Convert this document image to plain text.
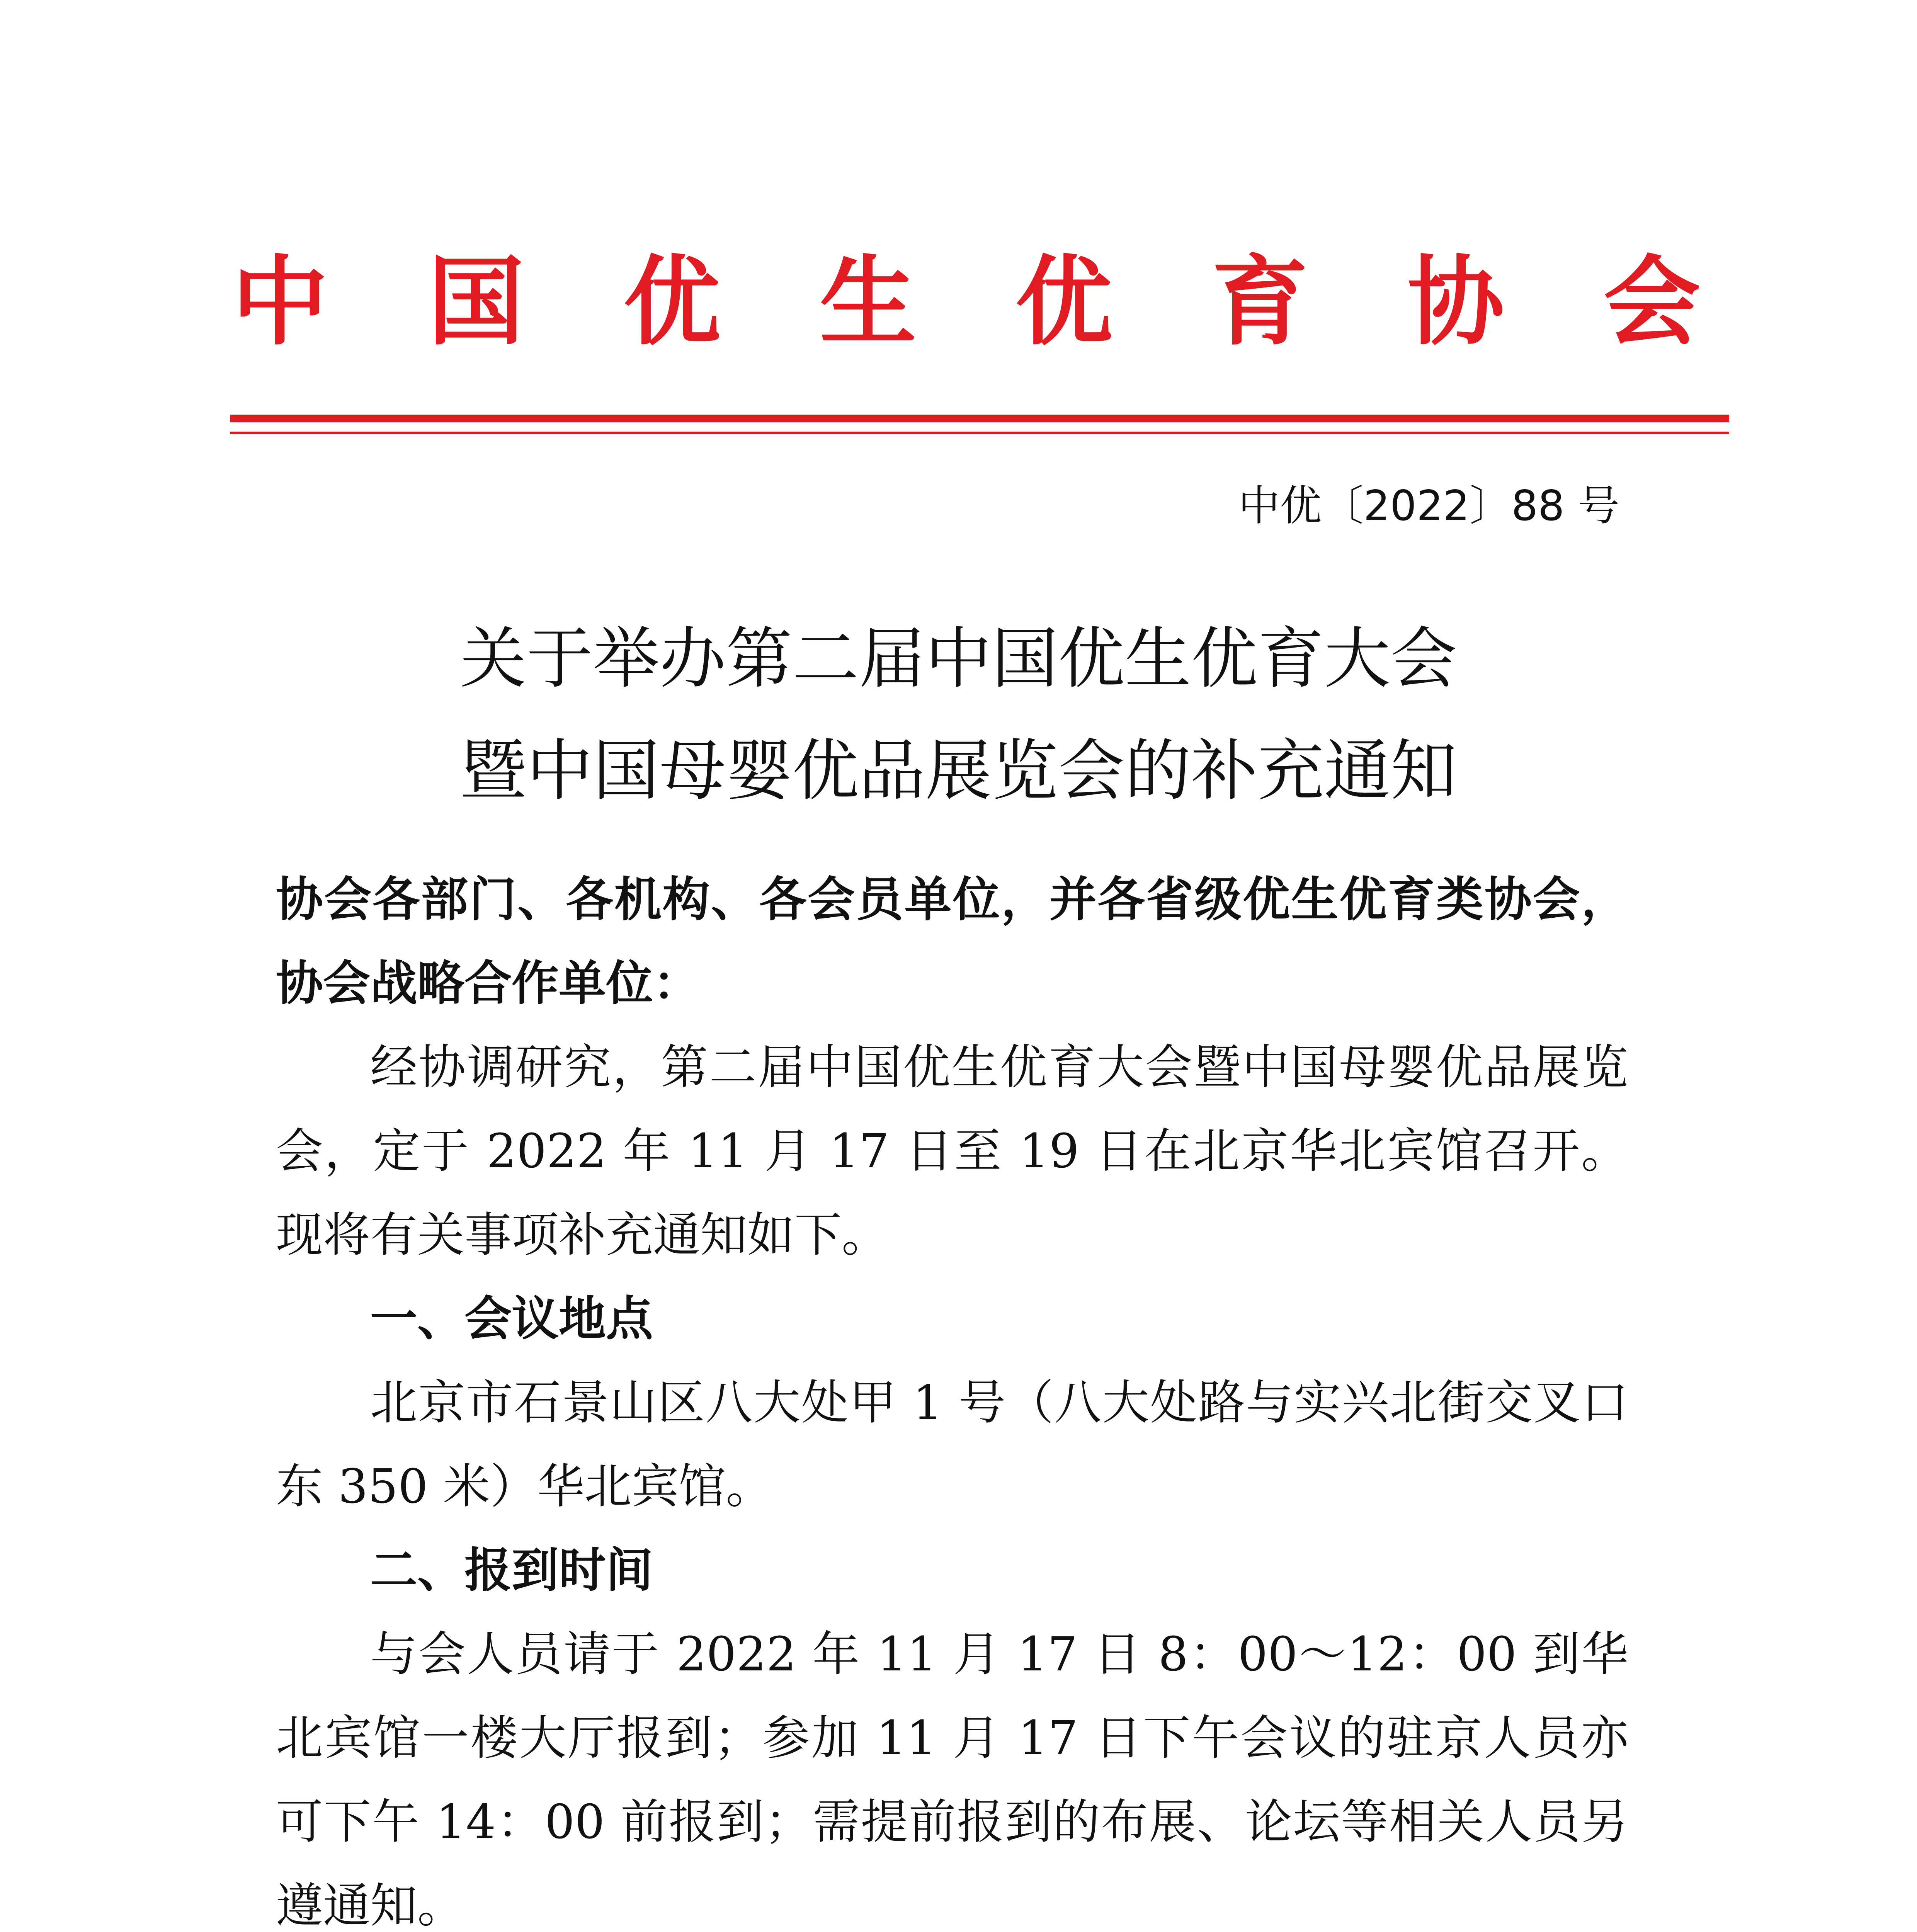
中 国 优 生 优 育 协 会
中优〔2022〕88 号
关于举办第二届中国优生优育大会
暨中国母婴优品展览会的补充通知

协会各部门、各机构、各会员单位，并各省级优生优育类协会，协会战略合作单位：

经协调研究，第二届中国优生优育大会暨中国母婴优品展览会，定于 2022 年 11 月 17 日至 19 日在北京华北宾馆召开。现将有关事项补充通知如下。

一、会议地点

北京市石景山区八大处甲 1 号（八大处路与实兴北街交叉口东 350 米）华北宾馆。

二、报到时间

与会人员请于 2022 年 11 月 17 日 8：00～12：00 到华北宾馆一楼大厅报到；参加 11 月 17 日下午会议的驻京人员亦可下午 14：00 前报到；需提前报到的布展、论坛等相关人员另遵通知。
